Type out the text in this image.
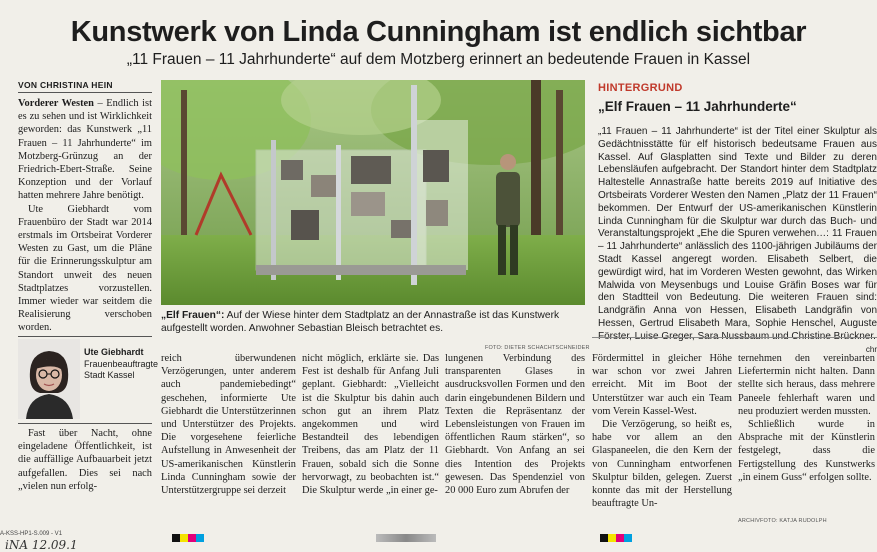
Kunstwerk von Linda Cunningham ist endlich sichtbar
„11 Frauen – 11 Jahrhunderte“ auf dem Motzberg erinnert an bedeutende Frauen in Kassel
VON CHRISTINA HEIN

Vorderer Westen – Endlich ist es zu sehen und ist Wirklichkeit geworden: das Kunstwerk „11 Frauen – 11 Jahrhunderte“ im Motzberg-Grünzug an der Friedrich-Ebert-Straße. Seine Konzeption und der Vorlauf hatten mehrere Jahre benötigt.

Ute Giebhardt vom Frauenbüro der Stadt war 2014 erstmals im Ortsbeirat Vorderer Westen zu Gast, um die Pläne für die Erinnerungsskulptur am Standort unweit des neuen Stadtplatzes vorzustellen. Immer wieder war seitdem die Realisierung verschoben worden.

Ute Giebhardt
Frauenbeauftragte Stadt Kassel

Fast über Nacht, ohne eingeladene Öffentlichkeit, ist die auffällige Aufbauarbeit jetzt aufgefallen. Dies sei nach „vielen nun erfolg-

FOTO: DIETER SCHACHTSCHNEIDER
„Elf Frauen“: Auf der Wiese hinter dem Stadtplatz an der Annastraße ist das Kunstwerk aufgestellt worden. Anwohner Sebastian Bleisch betrachtet es.
reich überwundenen Verzögerungen, unter anderem auch pandemiebedingt“ geschehen, informierte Ute Giebhardt die Unterstützerinnen und Unterstützer des Projekts. Die vorgesehene feierliche Aufstellung in Anwesenheit der US-amerikanischen Künstlerin Linda Cunningham sowie der Unterstützergruppe sei derzeit
nicht möglich, erklärte sie. Das Fest ist deshalb für Anfang Juli geplant. Giebhardt: „Vielleicht ist die Skulptur bis dahin auch schon gut an ihrem Platz angekommen und wird Bestandteil des lebendigen Treibens, das am Platz der 11 Frauen, sobald sich die Sonne hervorwagt, zu beobachten ist.“ Die Skulptur werde „in einer ge-
lungenen Verbindung des transparenten Glases in ausdrucksvollen Formen und den darin eingebundenen Bildern und Texten die Repräsentanz der Lebensleistungen von Frauen im öffentlichen Raum stärken“, so Giebhardt. Von Anfang an sei dies Intention des Projekts gewesen. Das Spendenziel von 20 000 Euro zum Abrufen der

Fördermittel in gleicher Höhe war schon vor zwei Jahren erreicht. Mit im Boot der Unterstützer war auch ein Team vom Verein Kassel-West.

Die Verzögerung, so heißt es, habe vor allem an den Glaspaneelen, die den Kern der von Cunningham entworfenen Skulptur bilden, gelegen. Zuerst konnte das mit der Herstellung beauftragte Un-

ternehmen den vereinbarten Liefertermin nicht halten. Dann stellte sich heraus, dass mehrere Paneele fehlerhaft waren und neu produziert werden mussten.

Schließlich wurde in Absprache mit der Künstlerin festgelegt, dass die Fertigstellung des Kunstwerks „in einem Guss“ erfolgen sollte.

ARCHIVFOTO: KATJA RUDOLPH
HINTERGRUND
„Elf Frauen – 11 Jahrhunderte“
„11 Frauen – 11 Jahrhunderte“ ist der Titel einer Skulptur als Gedächtnisstätte für elf historisch bedeutsame Frauen aus Kassel. Auf Glasplatten sind Texte und Bilder zu deren Lebensläufen aufgebracht. Der Standort hinter dem Stadtplatz Haltestelle Annastraße hatte bereits 2019 auf Initiative des Ortsbeirats Vorderer Westen den Namen „Platz der 11 Frauen“ bekommen. Der Entwurf der US-amerikanischen Künstlerin Linda Cunningham für die Skulptur war durch das Buch- und Veranstaltungsprojekt „Ehe die Spuren verwehen…: 11 Frauen – 11 Jahrhunderte“ anlässlich des 1100-jährigen Jubiläums der Stadt Kassel angeregt worden. Elisabeth Selbert, die gewürdigt wird, hat im Vorderen Westen gewohnt, das Wirken Malwida von Meysenbugs und Louise Gräfin Boses war für den Stadtteil von Bedeutung. Die weiteren Frauen sind: Landgräfin Anna von Hessen, Elisabeth Landgräfin von Hessen, Gertrud Elisabeth Mara, Sophie Henschel, Auguste Förster, Luise Greger, Sara Nussbaum und Christine Brückner.
chr
A-KSS-HP1-S.009 - V1
iNA 12.09.1
